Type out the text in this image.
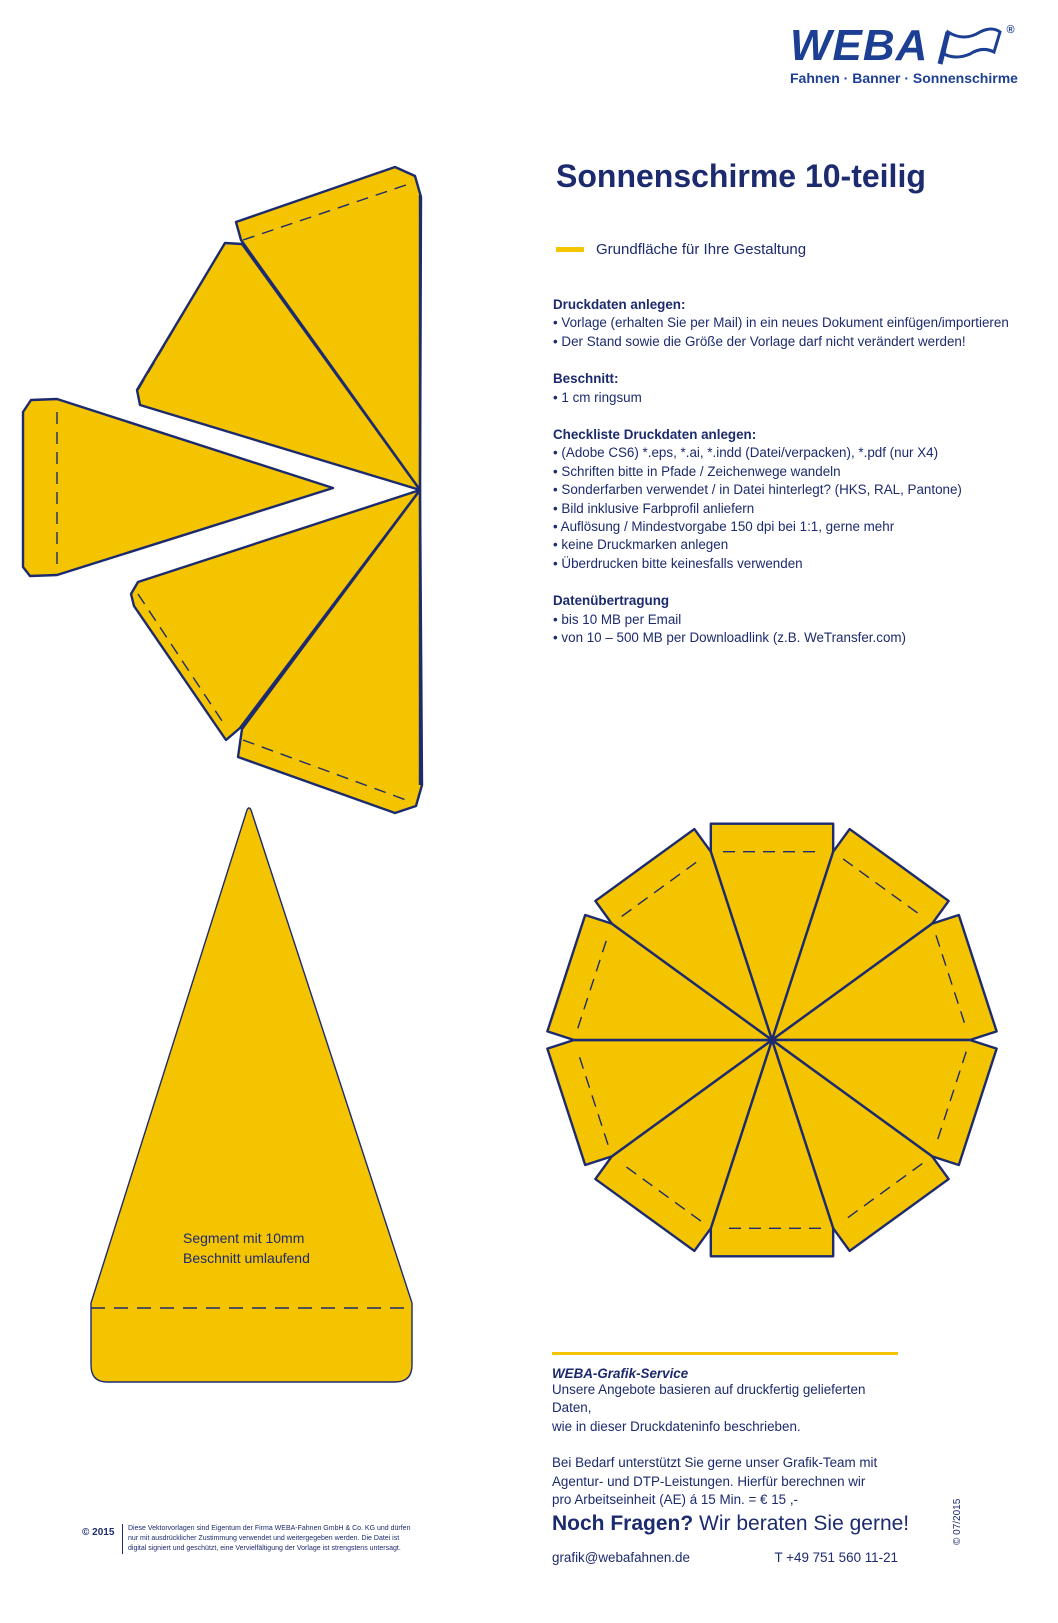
WEBA	®
Fahnen · Banner · Sonnenschirme
Sonnenschirme 10-teilig
Grundfläche für Ihre Gestaltung
Druckdaten anlegen:
• Vorlage (erhalten Sie per Mail) in ein neues Dokument einfügen/importieren
• Der Stand sowie die Größe der Vorlage darf nicht verändert werden!
Beschnitt:
• 1 cm ringsum
Checkliste Druckdaten anlegen:
• (Adobe CS6) *.eps, *.ai, *.indd (Datei/verpacken), *.pdf (nur X4)
• Schriften bitte in Pfade / Zeichenwege wandeln
• Sonderfarben verwendet / in Datei hinterlegt? (HKS, RAL, Pantone)
• Bild inklusive Farbprofil anliefern
• Auflösung / Mindestvorgabe 150 dpi bei 1:1, gerne mehr
• keine Druckmarken anlegen
• Überdrucken bitte keinesfalls verwenden
Datenübertragung
• bis 10 MB per Email
• von 10 – 500 MB per Downloadlink (z.B. WeTransfer.com)
Segment mit 10mm
Beschnitt umlaufend
WEBA-Grafik-Service

Unsere Angebote basieren auf druckfertig gelieferten Daten,

wie in dieser Druckdateninfo beschrieben.

Bei Bedarf unterstützt Sie gerne unser Grafik-Team mit

Agentur- und DTP-Leistungen. Hierfür berechnen wir

pro Arbeitseinheit (AE) á 15 Min. = € 15 ,-

Noch Fragen? Wir beraten Sie gerne!
grafik@webafahnen.de	T +49 751 560 11-21
© 2015 Diese Vektorvorlagen sind Eigentum der Firma WEBA-Fahnen GmbH & Co. KG und dürfen
nur mit ausdrücklicher Zustimmung verwendet und weitergegeben werden. Die Datei ist
digital signiert und geschützt, eine Vervielfältigung der Vorlage ist strengstens untersagt.
© 07/2015
